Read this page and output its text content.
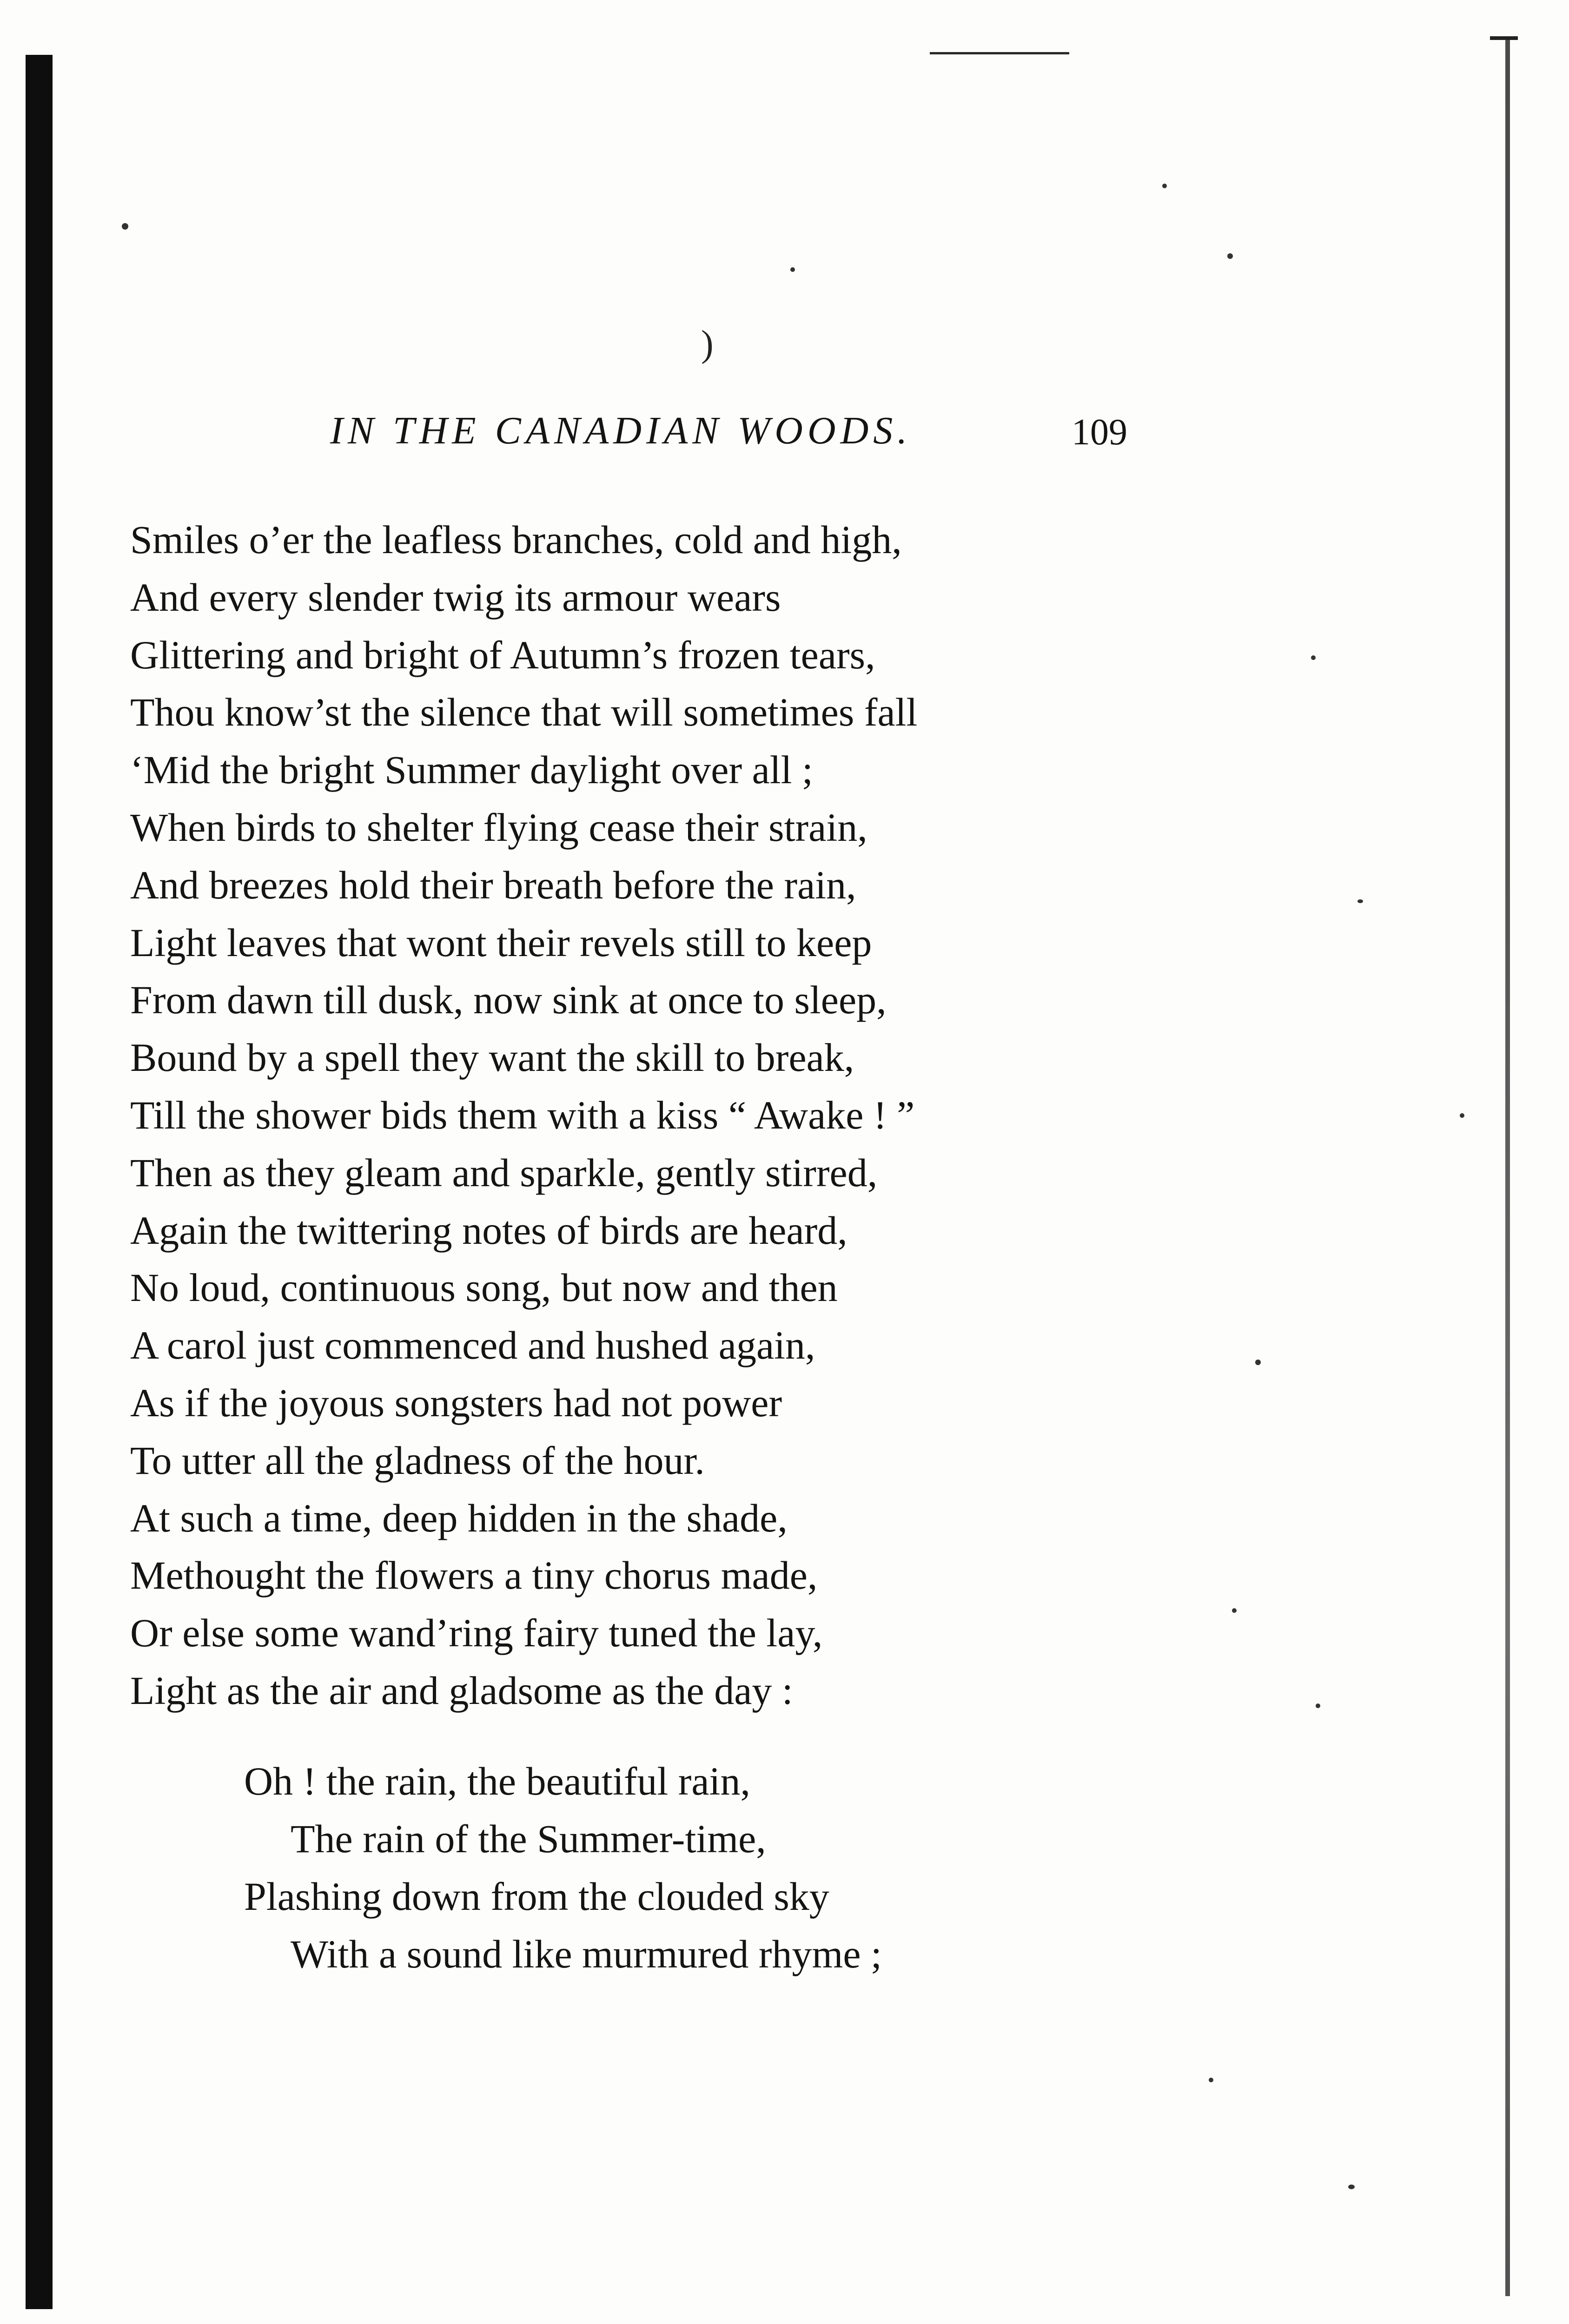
)
IN THE CANADIAN WOODS.	109
Smiles o’er the leafless branches, cold and high,
And every slender twig its armour wears
Glittering and bright of Autumn’s frozen tears,
Thou know’st the silence that will sometimes fall
‘Mid the bright Summer daylight over all ;
When birds to shelter flying cease their strain,
And breezes hold their breath before the rain,
Light leaves that wont their revels still to keep
From dawn till dusk, now sink at once to sleep,
Bound by a spell they want the skill to break,
Till the shower bids them with a kiss “ Awake ! ”
Then as they gleam and sparkle, gently stirred,
Again the twittering notes of birds are heard,
No loud, continuous song, but now and then
A carol just commenced and hushed again,
As if the joyous songsters had not power
To utter all the gladness of the hour.
At such a time, deep hidden in the shade,
Methought the flowers a tiny chorus made,
Or else some wand’ring fairy tuned the lay,
Light as the air and gladsome as the day :
Oh ! the rain, the beautiful rain,
The rain of the Summer-time,
Plashing down from the clouded sky
With a sound like murmured rhyme ;
